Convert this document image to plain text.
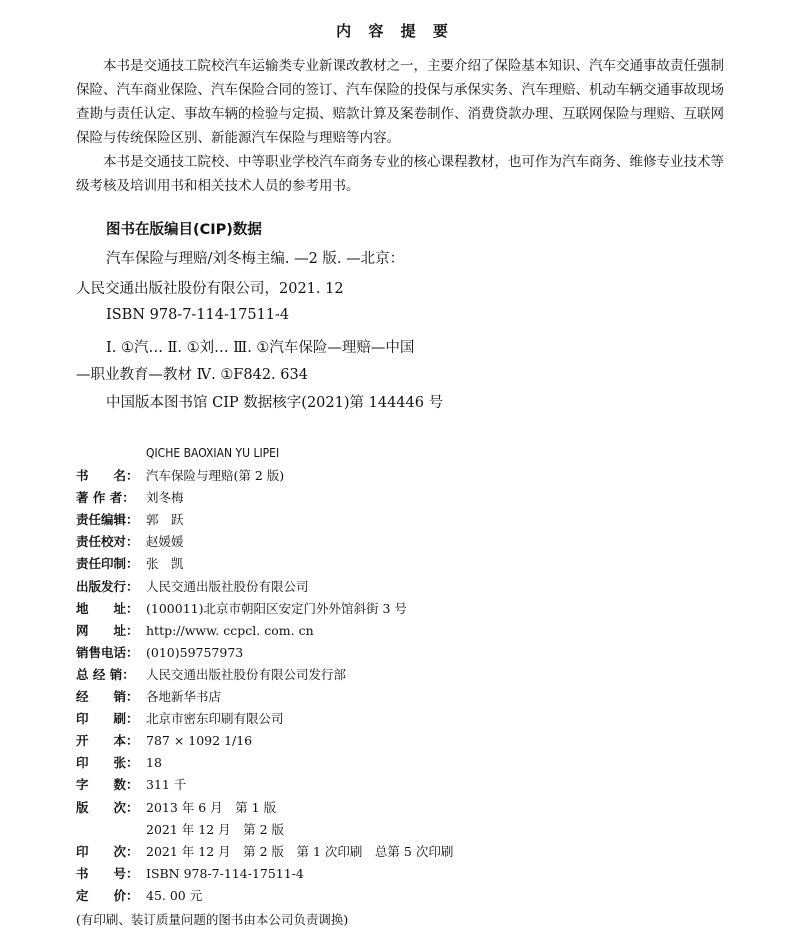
内 容 提 要

本书是交通技工院校汽车运输类专业新课改教材之一，主要介绍了保险基本知识、汽车交通事故责任强制保险、汽车商业保险、汽车保险合同的签订、汽车保险的投保与承保实务、汽车理赔、机动车辆交通事故现场查勘与责任认定、事故车辆的检验与定损、赔款计算及案卷制作、消费贷款办理、互联网保险与理赔、互联网保险与传统保险区别、新能源汽车保险与理赔等内容。

本书是交通技工院校、中等职业学校汽车商务专业的核心课程教材，也可作为汽车商务、维修专业技术等级考核及培训用书和相关技术人员的参考用书。

图书在版编目(CIP)数据
汽车保险与理赔/刘冬梅主编. —2 版. —北京：
人民交通出版社股份有限公司，2021. 12
ISBN 978-7-114-17511-4
Ⅰ. ①汽… Ⅱ. ①刘… Ⅲ. ①汽车保险—理赔—中国
—职业教育—教材 Ⅳ. ①F842. 634
中国版本图书馆 CIP 数据核字(2021)第 144446 号
QICHE BAOXIAN YU LIPEI
书　　名： 汽车保险与理赔(第 2 版)
著 作 者： 刘冬梅
责任编辑： 郭　跃
责任校对： 赵媛媛
责任印制： 张　凯
出版发行： 人民交通出版社股份有限公司
地　　址： (100011)北京市朝阳区安定门外外馆斜街 3 号
网　　址： http://www. ccpcl. com. cn
销售电话： (010)59757973
总 经 销： 人民交通出版社股份有限公司发行部
经　　销： 各地新华书店
印　　刷： 北京市密东印刷有限公司
开　　本： 787 × 1092 1/16
印　　张： 18
字　　数： 311 千
版　　次： 2013 年 6 月　第 1 版
2021 年 12 月　第 2 版
印　　次： 2021 年 12 月　第 2 版　第 1 次印刷　总第 5 次印刷
书　　号： ISBN 978-7-114-17511-4
定　　价： 45. 00 元
(有印刷、装订质量问题的图书由本公司负责调换)
